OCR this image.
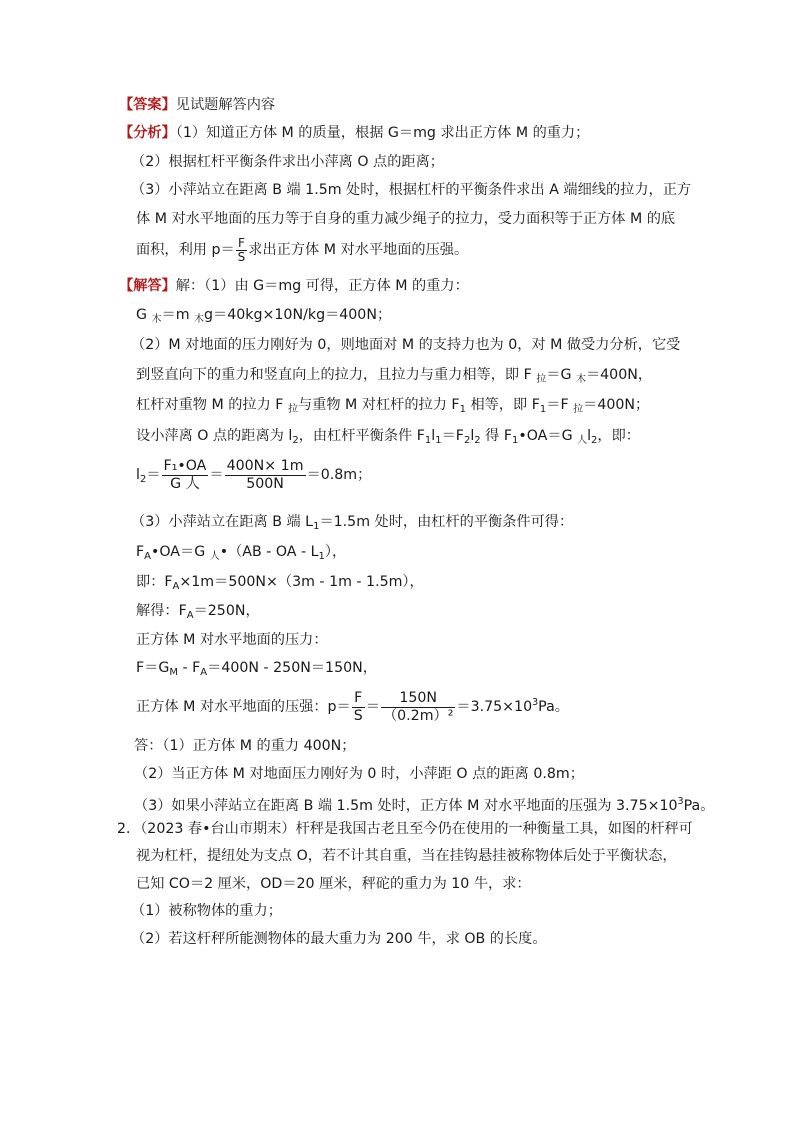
【答案】见试题解答内容
【分析】（1）知道正方体 M 的质量，根据 G＝mg 求出正方体 M 的重力；
（2）根据杠杆平衡条件求出小萍离 O 点的距离；
（3）小萍站立在距离 B 端 1.5m 处时，根据杠杆的平衡条件求出 A 端细线的拉力，正方
体 M 对水平地面的压力等于自身的重力减少绳子的拉力，受力面积等于正方体 M 的底
面积，利用 $p= \frac{F}{S}$ 求出正方体 M 对水平地面的压强。
【解答】解：（1）由 G＝mg 可得，正方体 M 的重力：
G $_木$＝m $_木$g＝40kg×10N/kg＝400N；
（2）M 对地面的压力刚好为 0，则地面对 M 的支持力也为 0，对 M 做受力分析，它受
到竖直向下的重力和竖直向上的拉力，且拉力与重力相等，即 F $_拉$＝G $_木$＝400N，
杠杆对重物 M 的拉力 F $_拉$与重物 M 对杠杆的拉力 $F_1$ 相等，即 $F_1=F$ $_拉$＝400N；
设小萍离 O 点的距离为 $l_2$，由杠杆平衡条件 $F_1l_1=F_2l_2$ 得 $F_1•OA=G$ $_人l_2$，即：
$l_2= \frac{\text{F₁•OA}}{\text{G 人}} = \frac{400N\times 1m}{500N} =0.8m$；
（3）小萍站立在距离 B 端 $L_1=1.5m$ 处时，由杠杆的平衡条件可得：
$F_A•OA=G$ $_人$•（AB ‐ OA ‐ $L_1$），
即：$F_A\times 1m=500N\times(3m$ ‐ 1m ‐ 1.5m），
解得：$F_A=250N$，
正方体 M 对水平地面的压力：
$F=G_M$ ‐ $F_A=400N$ ‐ 250N＝150N，
正方体 M 对水平地面的压强：$p= \frac{F}{S} = \frac{150N}{\text{（0.2m）²}} =3.75\times 10^3Pa$。
答：（1）正方体 M 的重力 400N；
（2）当正方体 M 对地面压力刚好为 0 时，小萍距 O 点的距离 0.8m；
（3）如果小萍站立在距离 B 端 1.5m 处时，正方体 M 对水平地面的压强为 $3.75\times 10^3Pa$。
2．（2023 春•台山市期末）杆秤是我国古老且至今仍在使用的一种衡量工具，如图的杆秤可
视为杠杆，提纽处为支点 O，若不计其自重，当在挂钩悬挂被称物体后处于平衡状态，
已知 CO＝2 厘米，OD＝20 厘米，秤砣的重力为 10 牛，求：
（1）被称物体的重力；
（2）若这杆秤所能测物体的最大重力为 200 牛，求 OB 的长度。
